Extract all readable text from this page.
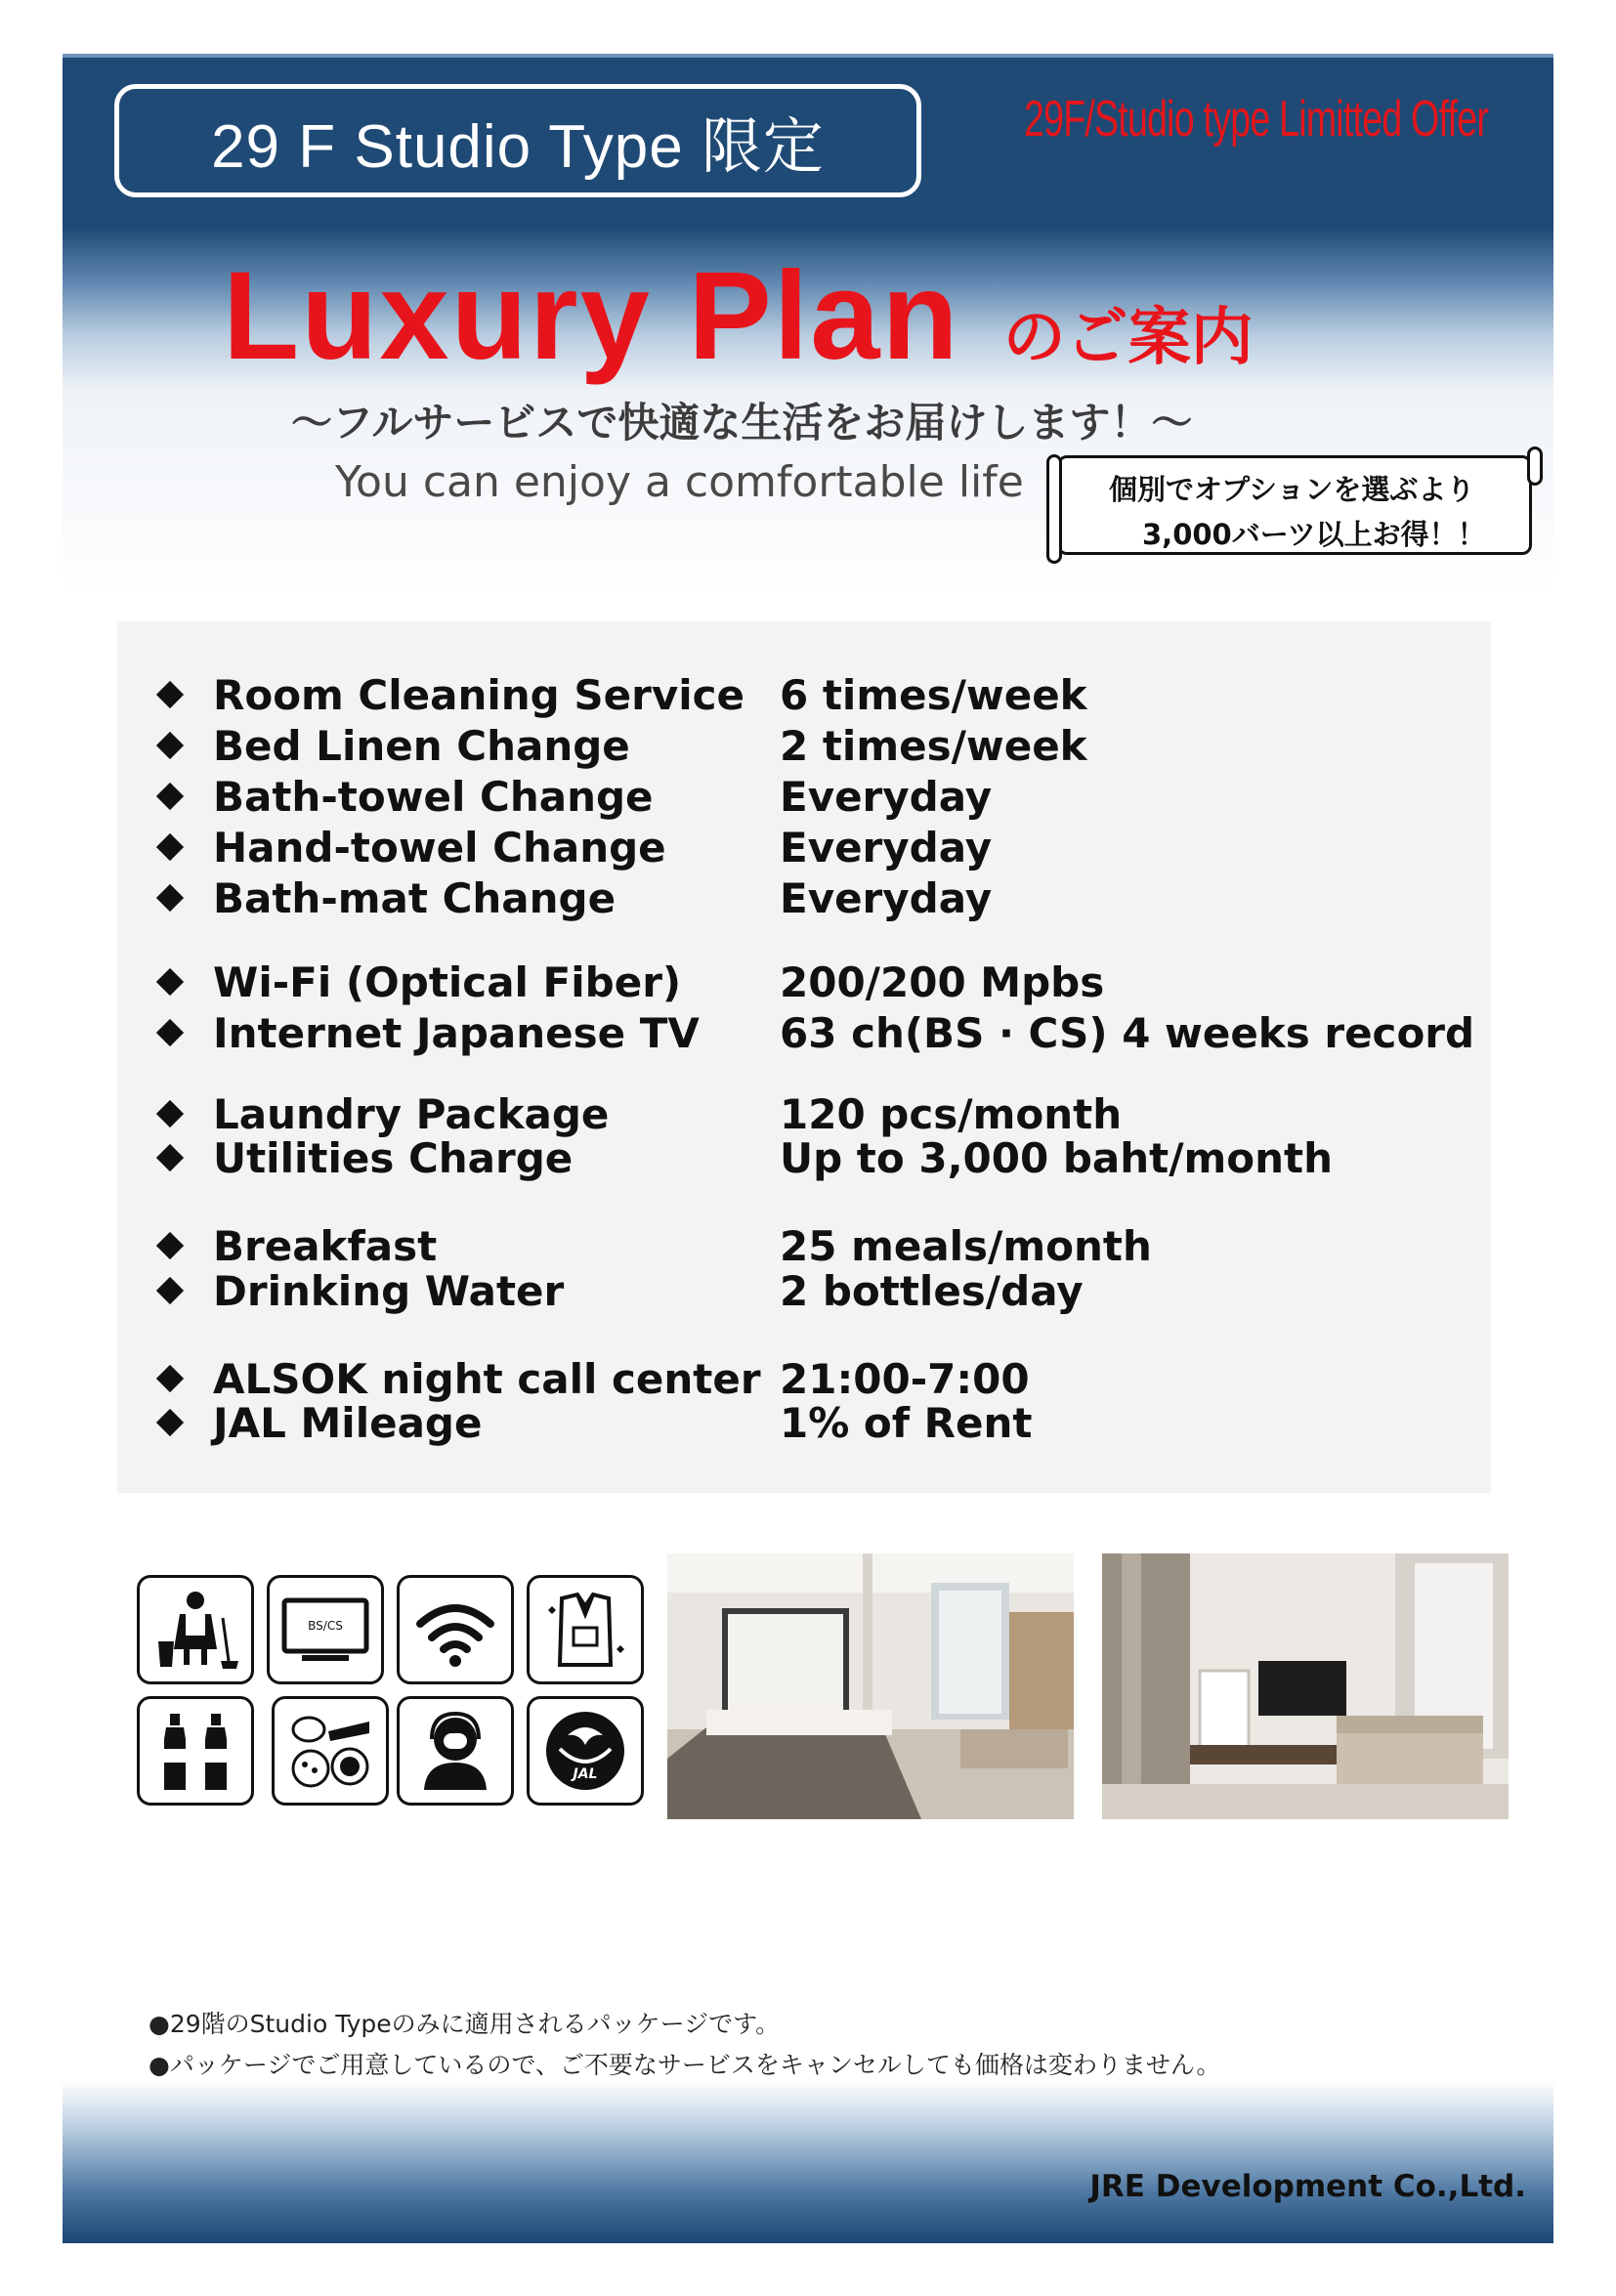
29 F Studio Type 限定	29F/Studio type Limitted Offer
Luxury Plan のご案内
～フルサービスで快適な生活をお届けします！～
You can enjoy a comfortable life	個別でオプションを選ぶより
3,000バーツ以上お得！！
Room Cleaning Service 6 times/week
Bed Linen Change	2 times/week
Bath-towel Change	Everyday
Hand-towel Change	Everyday
Bath-mat Change	Everyday
Wi-Fi (Optical Fiber)	200/200 Mpbs
Internet Japanese TV	63 ch(BS · CS) 4 weeks record
Laundry Package	120 pcs/month
Utilities Charge	Up to 3,000 baht/month
Breakfast	25 meals/month
Drinking Water	2 bottles/day
ALSOK night call center 21:00-7:00
JAL Mileage	1% of Rent
BS/CS
JAL
●29階のStudio Typeのみに適用されるパッケージです。
●パッケージでご用意しているので、ご不要なサービスをキャンセルしても価格は変わりません。
JRE Development Co.,Ltd.
